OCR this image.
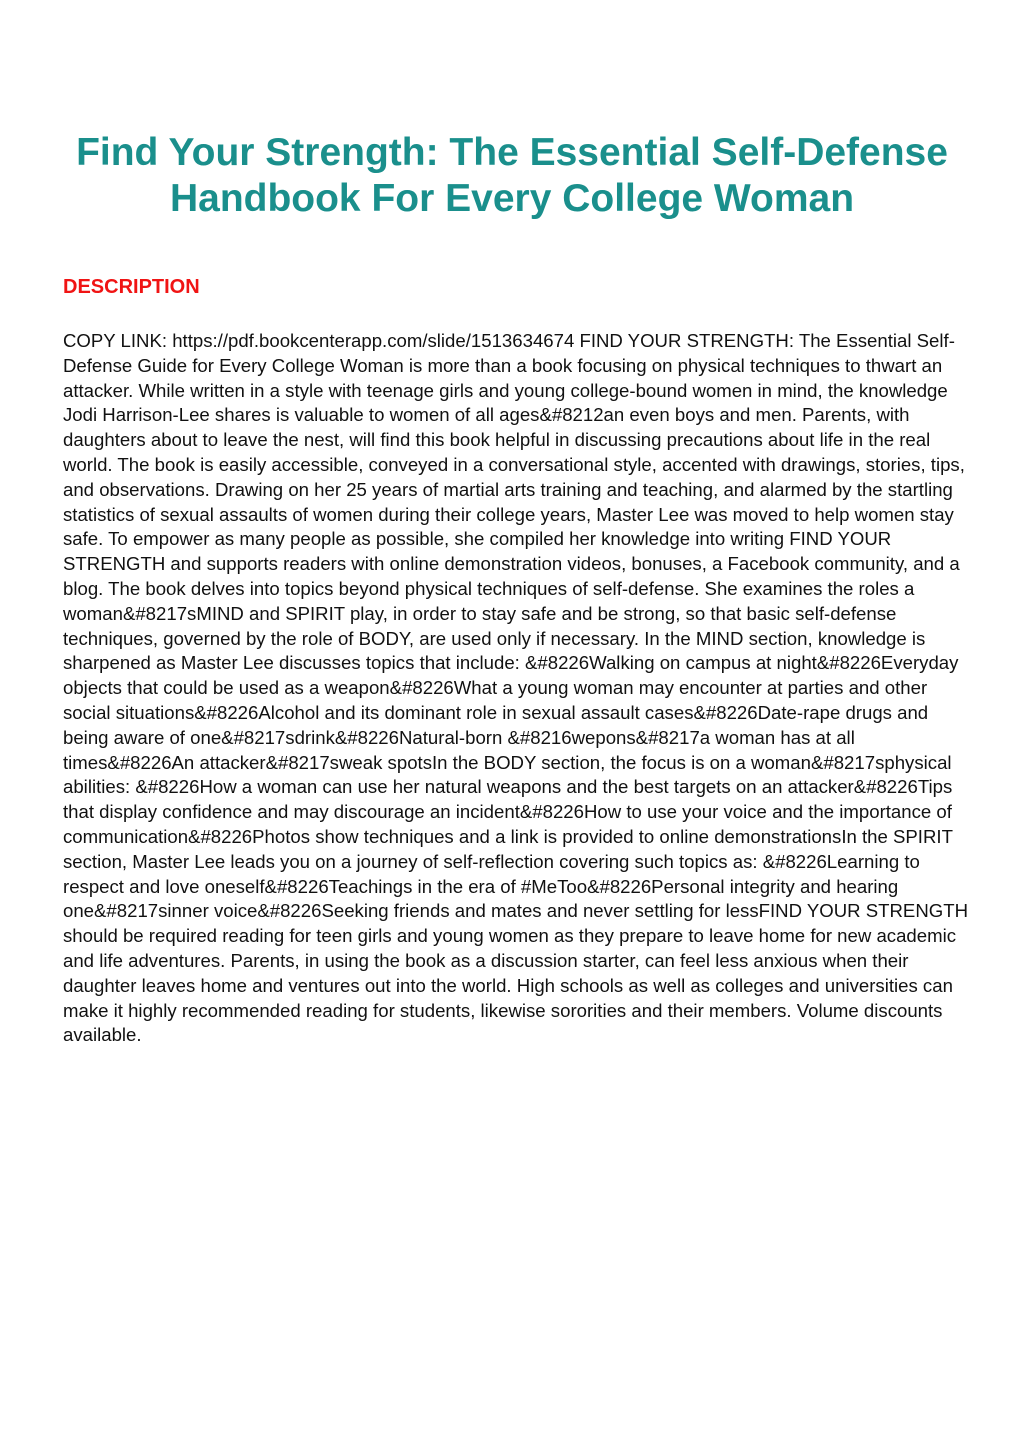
Find Your Strength: The Essential Self-Defense Handbook For Every College Woman
DESCRIPTION

COPY LINK: https://pdf.bookcenterapp.com/slide/1513634674 FIND YOUR STRENGTH: The Essential Self-Defense Guide for Every College Woman is more than a book focusing on physical techniques to thwart an attacker. While written in a style with teenage girls and young college-bound women in mind, the knowledge Jodi Harrison-Lee shares is valuable to women of all ages&#8212an even boys and men. Parents, with daughters about to leave the nest, will find this book helpful in discussing precautions about life in the real world. The book is easily accessible, conveyed in a conversational style, accented with drawings, stories, tips, and observations. Drawing on her 25 years of martial arts training and teaching, and alarmed by the startling statistics of sexual assaults of women during their college years, Master Lee was moved to help women stay safe. To empower as many people as possible, she compiled her knowledge into writing FIND YOUR STRENGTH and supports readers with online demonstration videos, bonuses, a Facebook community, and a blog. The book delves into topics beyond physical techniques of self-defense. She examines the roles a woman&#8217sMIND and SPIRIT play, in order to stay safe and be strong, so that basic self-defense techniques, governed by the role of BODY, are used only if necessary. In the MIND section, knowledge is sharpened as Master Lee discusses topics that include: &#8226Walking on campus at night&#8226Everyday objects that could be used as a weapon&#8226What a young woman may encounter at parties and other social situations&#8226Alcohol and its dominant role in sexual assault cases&#8226Date-rape drugs and being aware of one&#8217sdrink&#8226Natural-born &#8216wepons&#8217a woman has at all times&#8226An attacker&#8217sweak spotsIn the BODY section, the focus is on a woman&#8217sphysical abilities: &#8226How a woman can use her natural weapons and the best targets on an attacker&#8226Tips that display confidence and may discourage an incident&#8226How to use your voice and the importance of communication&#8226Photos show techniques and a link is provided to online demonstrationsIn the SPIRIT section, Master Lee leads you on a journey of self-reflection covering such topics as: &#8226Learning to respect and love oneself&#8226Teachings in the era of #MeToo&#8226Personal integrity and hearing one&#8217sinner voice&#8226Seeking friends and mates and never settling for lessFIND YOUR STRENGTH should be required reading for teen girls and young women as they prepare to leave home for new academic and life adventures. Parents, in using the book as a discussion starter, can feel less anxious when their daughter leaves home and ventures out into the world. High schools as well as colleges and universities can make it highly recommended reading for students, likewise sororities and their members. Volume discounts available.
